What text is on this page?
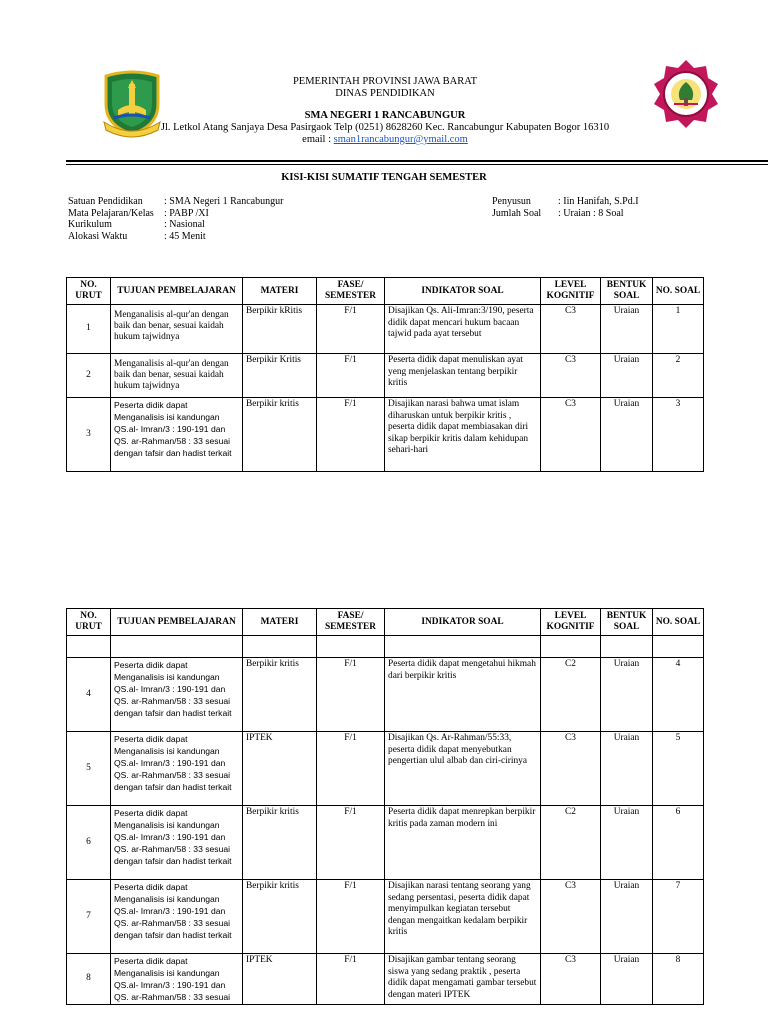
PEMERINTAH PROVINSI JAWA BARAT
DINAS PENDIDIKAN
SMA NEGERI 1 RANCABUNGUR
Jl. Letkol Atang Sanjaya Desa Pasirgaok Telp (0251) 8628260 Kec. Rancabungur Kabupaten Bogor 16310
email : sman1rancabungur@ymail.com
KISI-KISI SUMATIF TENGAH SEMESTER
Satuan Pendidikan	: SMA Negeri 1 Rancabungur
Mata Pelajaran/Kelas	: PABP /XI
Kurikulum	: Nasional
Alokasi Waktu	: 45 Menit
Penyusun	: Iin Hanifah, S.Pd.I
Jumlah Soal	: Uraian : 8 Soal
NO. URUT	TUJUAN PEMBELAJARAN	MATERI	FASE/ SEMESTER	INDIKATOR SOAL	LEVEL KOGNITIF	BENTUK SOAL	NO. SOAL
1	Menganalisis al-qur'an dengan baik dan benar, sesuai kaidah hukum tajwidnya	Berpikir kRitis	F/1	Disajikan Qs. Ali-Imran:3/190, peserta didik dapat mencari hukum bacaan tajwid pada ayat tersebut	C3	Uraian	1
2	Menganalisis al-qur'an dengan baik dan benar, sesuai kaidah hukum tajwidnya	Berpikir Kritis	F/1	Peserta didik dapat menuliskan ayat yeng menjelaskan tentang berpikir kritis	C3	Uraian	2
3	Peserta didik dapat Menganalisis isi kandungan QS.al- Imran/3 : 190-191 dan QS. ar-Rahman/58 : 33 sesuai dengan tafsir dan hadist terkait	Berpikir kritis	F/1	Disajikan narasi bahwa umat islam diharuskan untuk berpikir kritis , peserta didik dapat membiasakan diri sikap berpikir kritis dalam kehidupan sehari-hari	C3	Uraian	3
NO. URUT	TUJUAN PEMBELAJARAN	MATERI	FASE/ SEMESTER	INDIKATOR SOAL	LEVEL KOGNITIF	BENTUK SOAL	NO. SOAL

4	Peserta didik dapat Menganalisis isi kandungan QS.al- Imran/3 : 190-191 dan QS. ar-Rahman/58 : 33 sesuai dengan tafsir dan hadist terkait	Berpikir kritis	F/1	Peserta didik dapat mengetahui hikmah dari berpikir kritis	C2	Uraian	4
5	Peserta didik dapat Menganalisis isi kandungan QS.al- Imran/3 : 190-191 dan QS. ar-Rahman/58 : 33 sesuai dengan tafsir dan hadist terkait	IPTEK	F/1	Disajikan Qs. Ar-Rahman/55:33, peserta didik dapat menyebutkan pengertian ulul albab dan ciri-cirinya	C3	Uraian	5
6	Peserta didik dapat Menganalisis isi kandungan QS.al- Imran/3 : 190-191 dan QS. ar-Rahman/58 : 33 sesuai dengan tafsir dan hadist terkait	Berpikir kritis	F/1	Peserta didik dapat menrepkan berpikir kritis pada zaman modern ini	C2	Uraian	6
7	Peserta didik dapat Menganalisis isi kandungan QS.al- Imran/3 : 190-191 dan QS. ar-Rahman/58 : 33 sesuai dengan tafsir dan hadist terkait	Berpikir kritis	F/1	Disajikan narasi tentang seorang yang sedang persentasi, peserta didik dapat menyimpulkan kegiatan tersebut dengan mengaitkan kedalam berpikir kritis	C3	Uraian	7
8	Peserta didik dapat Menganalisis isi kandungan QS.al- Imran/3 : 190-191 dan QS. ar-Rahman/58 : 33 sesuai	IPTEK	F/1	Disajikan gambar tentang seorang siswa yang sedang praktik , peserta didik dapat mengamati gambar tersebut dengan materi IPTEK	C3	Uraian	8
